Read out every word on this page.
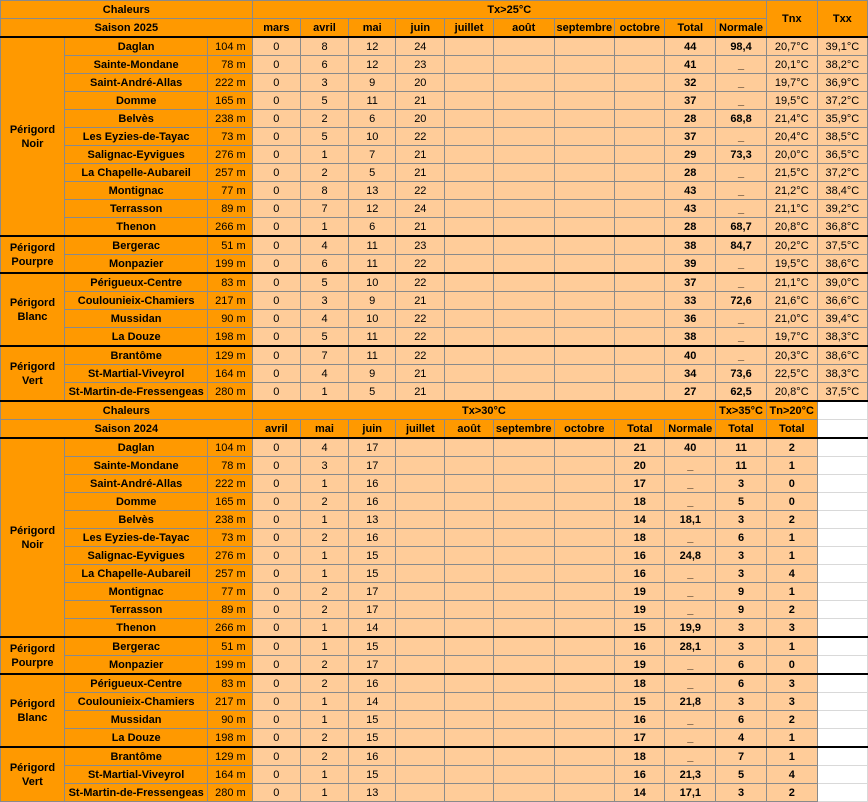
Chaleurs			Tx>25°C										Tnx	Txx
Saison 2025			mars	avril	mai	juin	juillet	août	septembre	octobre	Total	Normale		
Périgord Noir	Daglan	104 m	0	8	12	24					44	98,4	20,7°C	39,1°C
	Sainte-Mondane	78 m	0	6	12	23					41	_	20,1°C	38,2°C
	Saint-André-Allas	222 m	0	3	9	20					32	_	19,7°C	36,9°C
	Domme	165 m	0	5	11	21					37	_	19,5°C	37,2°C
	Belvès	238 m	0	2	6	20					28	68,8	21,4°C	35,9°C
	Les Eyzies-de-Tayac	73 m	0	5	10	22					37	_	20,4°C	38,5°C
	Salignac-Eyvigues	276 m	0	1	7	21					29	73,3	20,0°C	36,5°C
	La Chapelle-Aubareil	257 m	0	2	5	21					28	_	21,5°C	37,2°C
	Montignac	77 m	0	8	13	22					43	_	21,2°C	38,4°C
	Terrasson	89 m	0	7	12	24					43	_	21,1°C	39,2°C
	Thenon	266 m	0	1	6	21					28	68,7	20,8°C	36,8°C
Périgord Pourpre	Bergerac	51 m	0	4	11	23					38	84,7	20,2°C	37,5°C
	Monpazier	199 m	0	6	11	22					39	_	19,5°C	38,6°C
Périgord Blanc	Périgueux-Centre	83 m	0	5	10	22					37	_	21,1°C	39,0°C
	Coulounieix-Chamiers	217 m	0	3	9	21					33	72,6	21,6°C	36,6°C
	Mussidan	90 m	0	4	10	22					36	_	21,0°C	39,4°C
	La Douze	198 m	0	5	11	22					38	_	19,7°C	38,3°C
Périgord Vert	Brantôme	129 m	0	7	11	22					40	_	20,3°C	38,6°C
	St-Martial-Viveyrol	164 m	0	4	9	21					34	73,6	22,5°C	38,3°C
	St-Martin-de-Fressengeas	280 m	0	1	5	21					27	62,5	20,8°C	37,5°C
Chaleurs			Tx>30°C									Tx>35°C	Tn>20°C	
Saison 2024			avril	mai	juin	juillet	août	septembre	octobre	Total	Normale	Total	Total	
Périgord Noir	Daglan	104 m	0	4	17					21	40	11	2	
	Sainte-Mondane	78 m	0	3	17					20	_	11	1	
	Saint-André-Allas	222 m	0	1	16					17	_	3	0	
	Domme	165 m	0	2	16					18	_	5	0	
	Belvès	238 m	0	1	13					14	18,1	3	2	
	Les Eyzies-de-Tayac	73 m	0	2	16					18	_	6	1	
	Salignac-Eyvigues	276 m	0	1	15					16	24,8	3	1	
	La Chapelle-Aubareil	257 m	0	1	15					16	_	3	4	
	Montignac	77 m	0	2	17					19	_	9	1	
	Terrasson	89 m	0	2	17					19	_	9	2	
	Thenon	266 m	0	1	14					15	19,9	3	3	
Périgord Pourpre	Bergerac	51 m	0	1	15					16	28,1	3	1	
	Monpazier	199 m	0	2	17					19	_	6	0	
Périgord Blanc	Périgueux-Centre	83 m	0	2	16					18	_	6	3	
	Coulounieix-Chamiers	217 m	0	1	14					15	21,8	3	3	
	Mussidan	90 m	0	1	15					16	_	6	2	
	La Douze	198 m	0	2	15					17	_	4	1	
Périgord Vert	Brantôme	129 m	0	2	16					18	_	7	1	
	St-Martial-Viveyrol	164 m	0	1	15					16	21,3	5	4	
	St-Martin-de-Fressengeas	280 m	0	1	13					14	17,1	3	2	
